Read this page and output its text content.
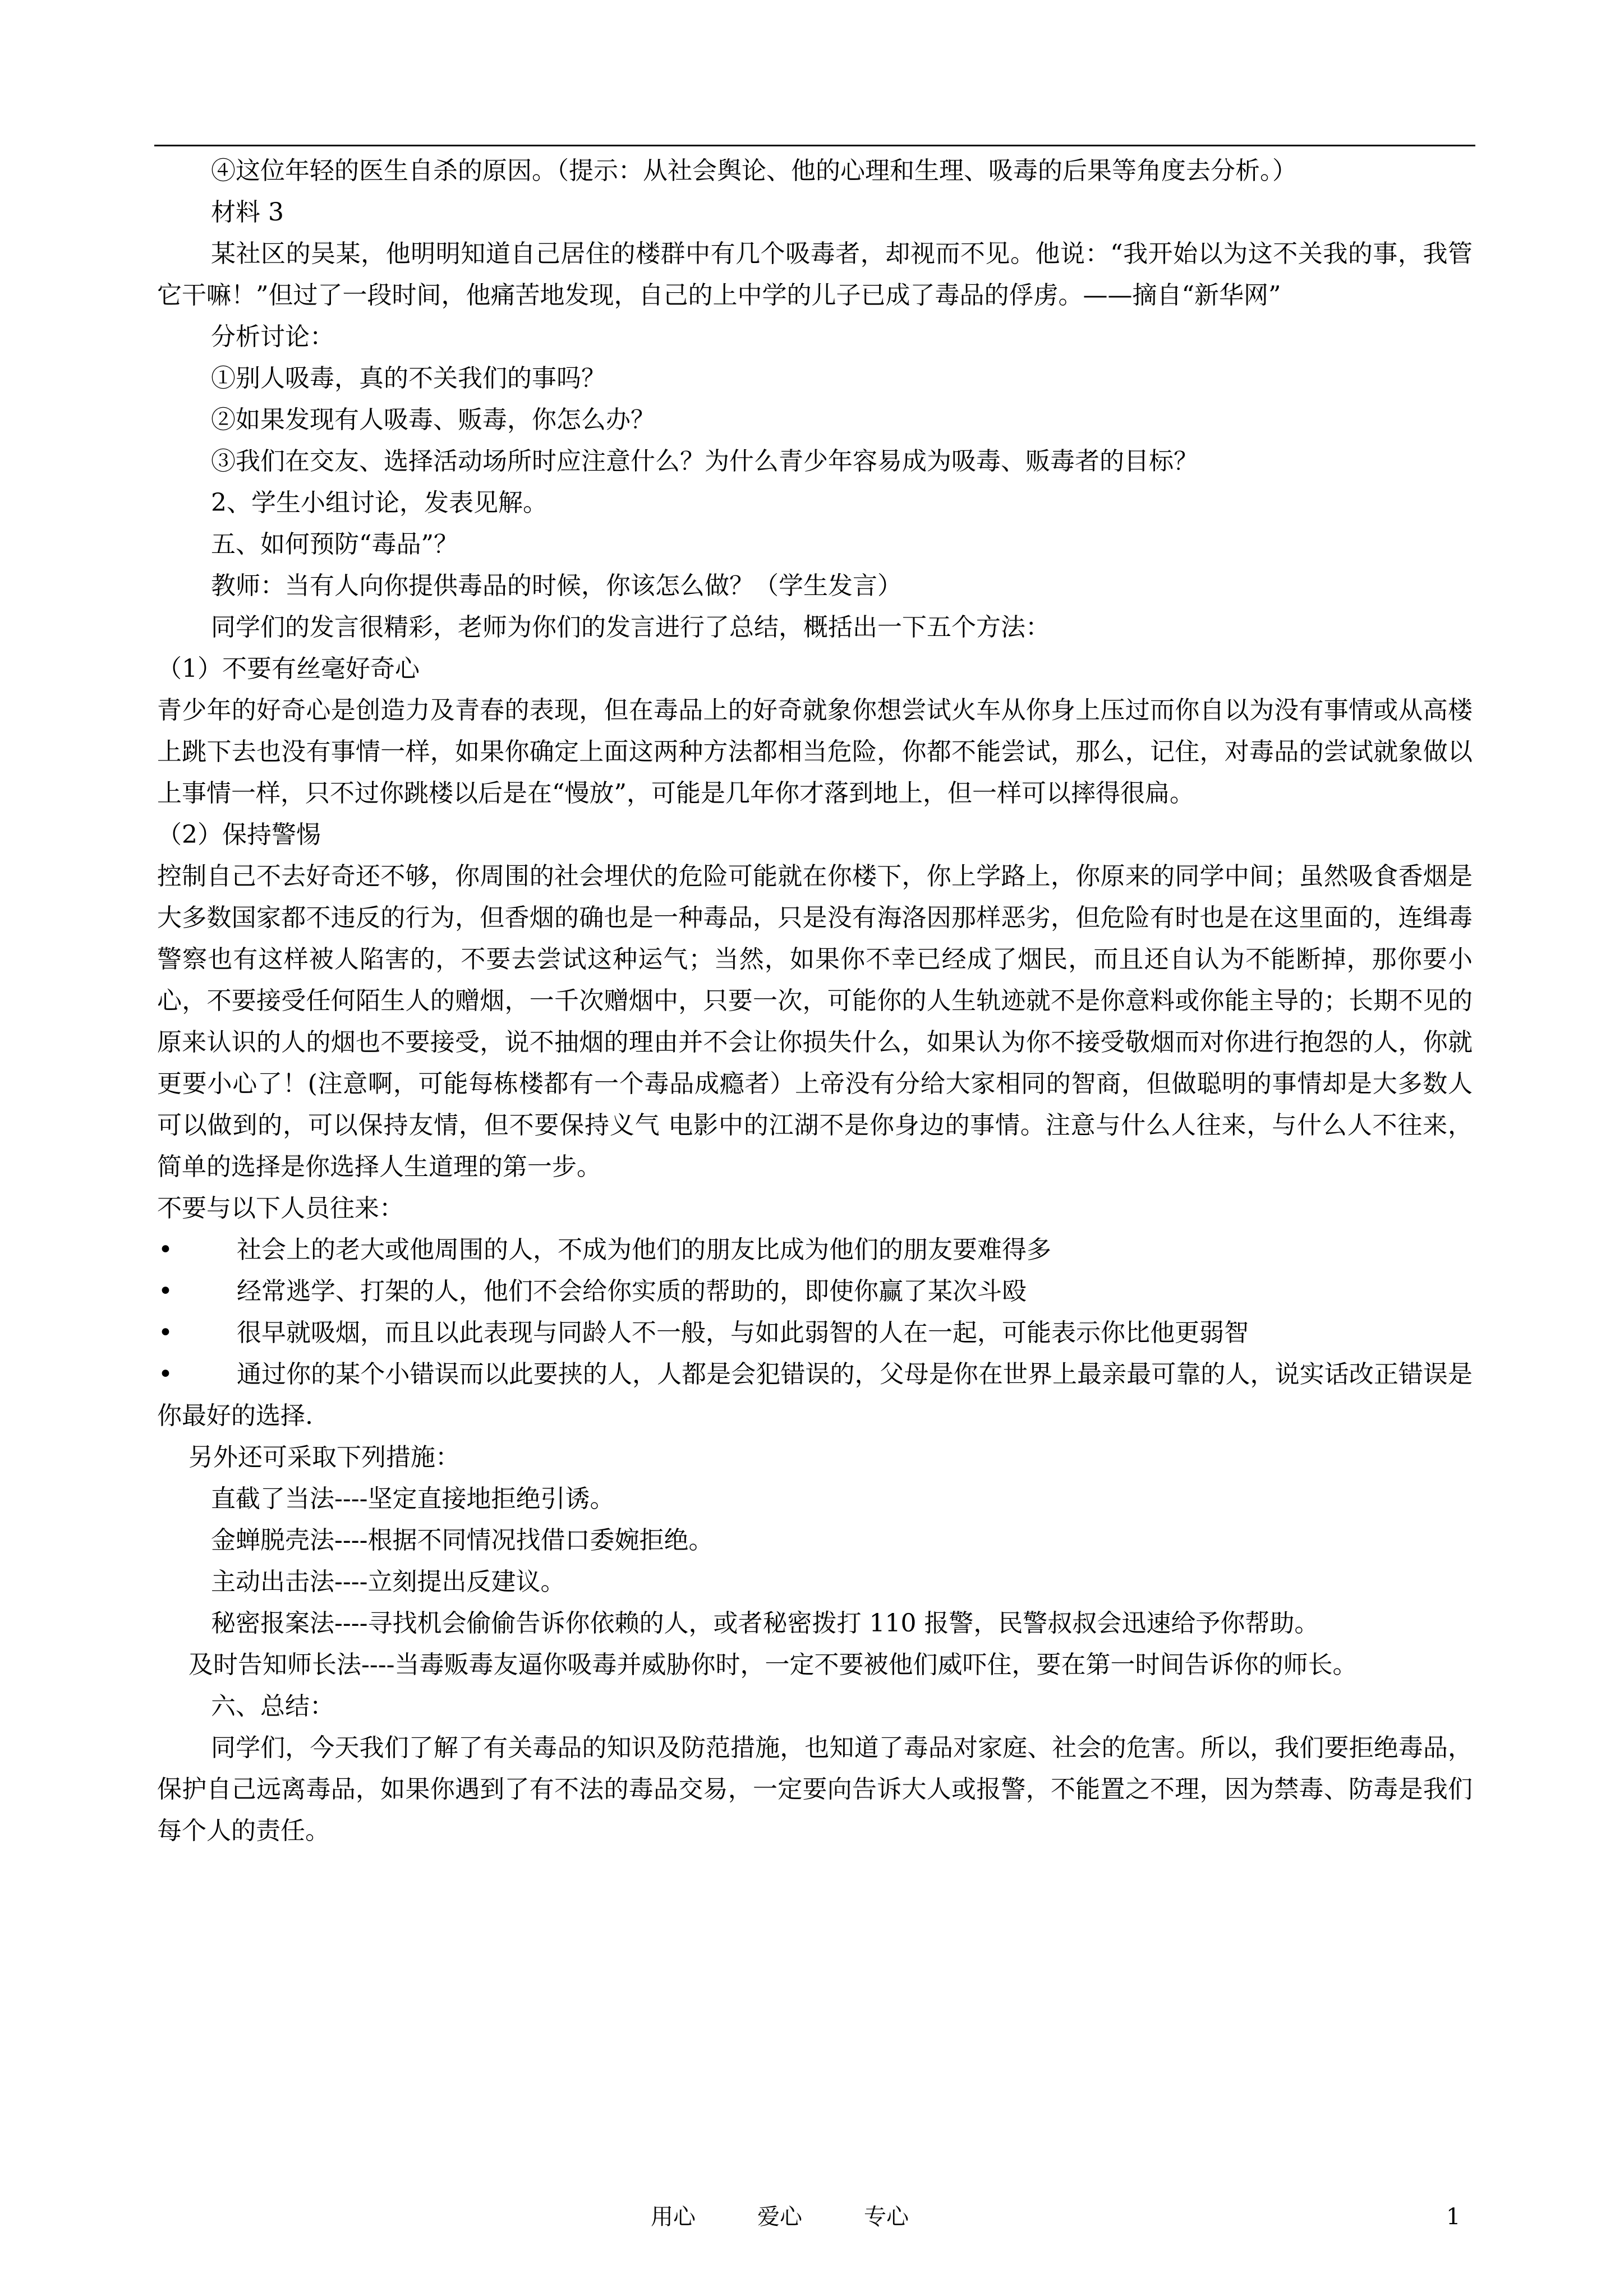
④这位年轻的医生自杀的原因。（提示：从社会舆论、他的心理和生理、吸毒的后果等角度去分析。）

材料 3

某社区的吴某，他明明知道自己居住的楼群中有几个吸毒者，却视而不见。他说：“我开始以为这不关我的事，我管它干嘛！”但过了一段时间，他痛苦地发现，自己的上中学的儿子已成了毒品的俘虏。——摘自“新华网”

分析讨论：

①别人吸毒，真的不关我们的事吗？

②如果发现有人吸毒、贩毒，你怎么办？

③我们在交友、选择活动场所时应注意什么？为什么青少年容易成为吸毒、贩毒者的目标？

2、学生小组讨论，发表见解。

五、如何预防“毒品”？

教师：当有人向你提供毒品的时候，你该怎么做？（学生发言）

同学们的发言很精彩，老师为你们的发言进行了总结，概括出一下五个方法：

（1）不要有丝毫好奇心

青少年的好奇心是创造力及青春的表现，但在毒品上的好奇就象你想尝试火车从你身上压过而你自以为没有事情或从高楼上跳下去也没有事情一样，如果你确定上面这两种方法都相当危险，你都不能尝试，那么，记住，对毒品的尝试就象做以上事情一样，只不过你跳楼以后是在“慢放”，可能是几年你才落到地上，但一样可以摔得很扁。

（2）保持警惕

控制自己不去好奇还不够，你周围的社会埋伏的危险可能就在你楼下，你上学路上，你原来的同学中间；虽然吸食香烟是大多数国家都不违反的行为，但香烟的确也是一种毒品，只是没有海洛因那样恶劣，但危险有时也是在这里面的，连缉毒警察也有这样被人陷害的，不要去尝试这种运气；当然，如果你不幸已经成了烟民，而且还自认为不能断掉，那你要小心，不要接受任何陌生人的赠烟，一千次赠烟中，只要一次，可能你的人生轨迹就不是你意料或你能主导的；长期不见的原来认识的人的烟也不要接受，说不抽烟的理由并不会让你损失什么，如果认为你不接受敬烟而对你进行抱怨的人，你就更要小心了！(注意啊，可能每栋楼都有一个毒品成瘾者）上帝没有分给大家相同的智商，但做聪明的事情却是大多数人可以做到的，可以保持友情，但不要保持义气 电影中的江湖不是你身边的事情。注意与什么人往来，与什么人不往来，简单的选择是你选择人生道理的第一步。

不要与以下人员往来：

•	社会上的老大或他周围的人，不成为他们的朋友比成为他们的朋友要难得多
•	经常逃学、打架的人，他们不会给你实质的帮助的，即使你赢了某次斗殴
•	很早就吸烟，而且以此表现与同龄人不一般，与如此弱智的人在一起，可能表示你比他更弱智

•	通过你的某个小错误而以此要挟的人，人都是会犯错误的，父母是你在世界上最亲最可靠的人，说实话改正错误是你最好的选择.

另外还可采取下列措施：

直截了当法----坚定直接地拒绝引诱。

金蝉脱壳法----根据不同情况找借口委婉拒绝。

主动出击法----立刻提出反建议。

秘密报案法----寻找机会偷偷告诉你依赖的人，或者秘密拨打 110 报警，民警叔叔会迅速给予你帮助。

及时告知师长法----当毒贩毒友逼你吸毒并威胁你时，一定不要被他们威吓住，要在第一时间告诉你的师长。

六、总结：

同学们，今天我们了解了有关毒品的知识及防范措施，也知道了毒品对家庭、社会的危害。所以，我们要拒绝毒品，保护自己远离毒品，如果你遇到了有不法的毒品交易，一定要向告诉大人或报警，不能置之不理，因为禁毒、防毒是我们每个人的责任。

用心	爱心	专心	1
